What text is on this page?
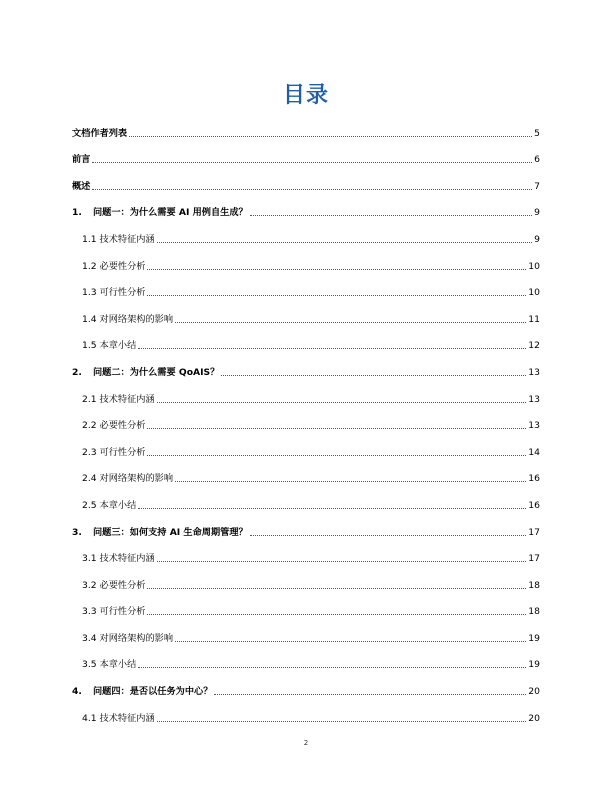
目录
文档作者列表	5
前言	6
概述	7
1.	问题一：为什么需要 AI 用例自生成？	9
1.1 技术特征内涵	9
1.2 必要性分析	10
1.3 可行性分析	10
1.4 对网络架构的影响	11
1.5 本章小结	12
2.	问题二：为什么需要 QoAIS？	13
2.1 技术特征内涵	13
2.2 必要性分析	13
2.3 可行性分析	14
2.4 对网络架构的影响	16
2.5 本章小结	16
3.	问题三：如何支持 AI 生命周期管理？	17
3.1 技术特征内涵	17
3.2 必要性分析	18
3.3 可行性分析	18
3.4 对网络架构的影响	19
3.5 本章小结	19
4.	问题四：是否以任务为中心？	20
4.1 技术特征内涵	20
2
